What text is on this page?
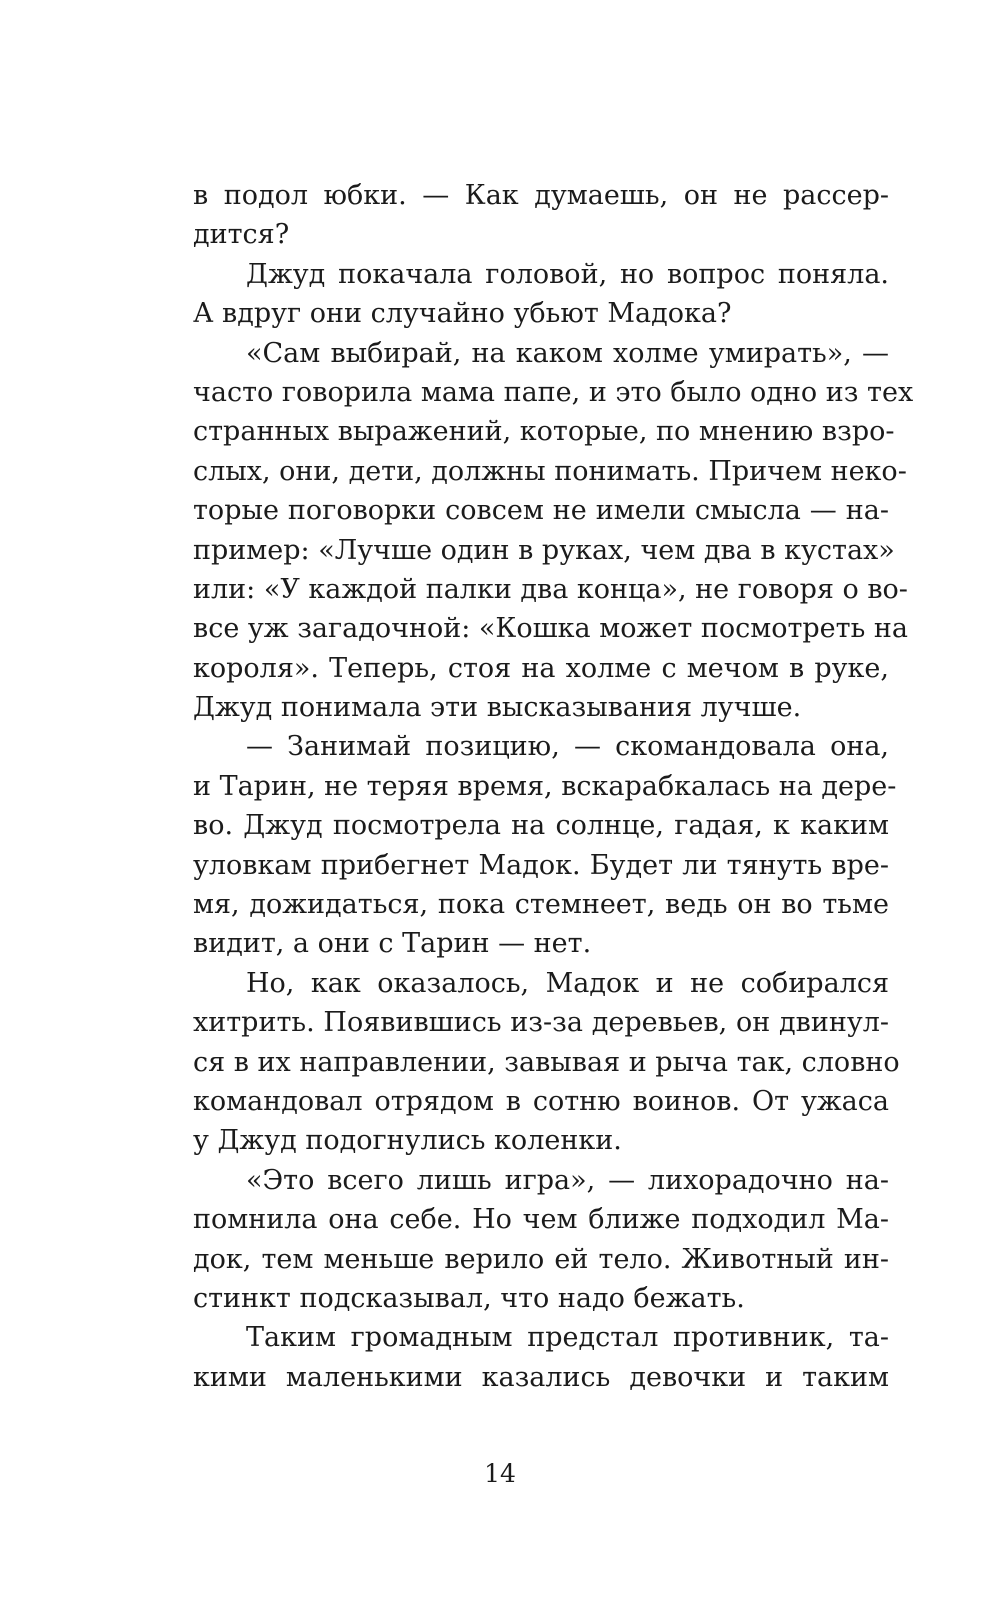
в подол юбки. — Как думаешь, он не рассер-
дится?
Джуд покачала головой, но вопрос поняла.
А вдруг они случайно убьют Мадока?
«Сам выбирай, на каком холме умирать», —
часто говорила мама папе, и это было одно из тех
странных выражений, которые, по мнению взро-
слых, они, дети, должны понимать. Причем неко-
торые поговорки совсем не имели смысла — на-
пример: «Лучше один в руках, чем два в кустах»
или: «У каждой палки два конца», не говоря о во-
все уж загадочной: «Кошка может посмотреть на
короля». Теперь, стоя на холме с мечом в руке,
Джуд понимала эти высказывания лучше.
— Занимай позицию, — скомандовала она,
и Тарин, не теряя время, вскарабкалась на дере-
во. Джуд посмотрела на солнце, гадая, к каким
уловкам прибегнет Мадок. Будет ли тянуть вре-
мя, дожидаться, пока стемнеет, ведь он во тьме
видит, а они с Тарин — нет.
Но, как оказалось, Мадок и не собирался
хитрить. Появившись из-за деревьев, он двинул-
ся в их направлении, завывая и рыча так, словно
командовал отрядом в сотню воинов. От ужаса
у Джуд подогнулись коленки.
«Это всего лишь игра», — лихорадочно на-
помнила она себе. Но чем ближе подходил Ма-
док, тем меньше верило ей тело. Животный ин-
стинкт подсказывал, что надо бежать.
Таким громадным предстал противник, та-
кими маленькими казались девочки и таким
14
